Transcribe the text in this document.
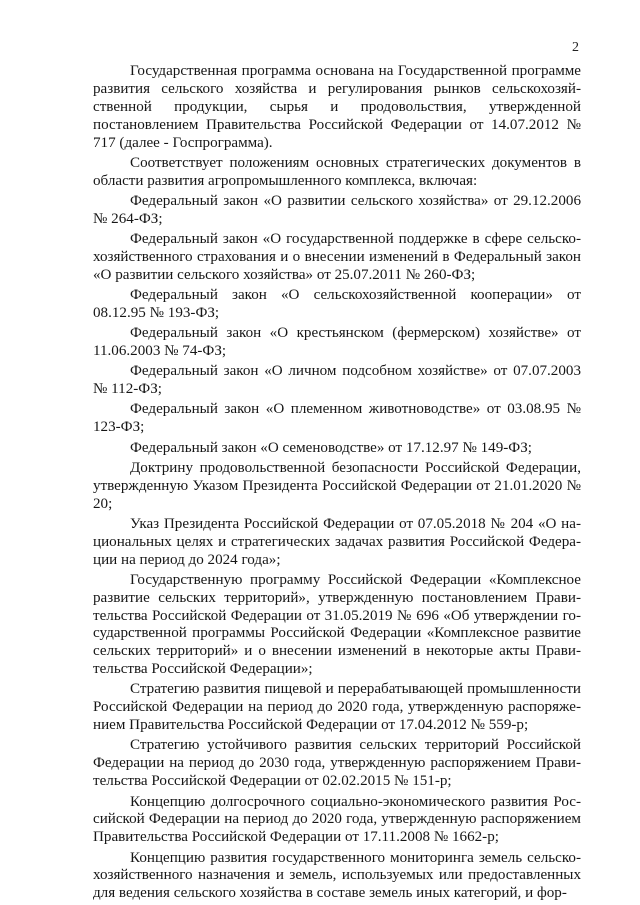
2

Государственная программа основана на Государственной программе развития сельского хозяйства и регулирования рынков сельскохозяйственной продукции, сырья и продовольствия, утвержденной постановлением Правительства Российской Федерации от 14.07.2012 № 717 (далее - Госпрограмма).

Соответствует положениям основных стратегических документов в области развития агропромышленного комплекса, включая:

Федеральный закон «О развитии сельского хозяйства» от 29.12.2006 № 264-ФЗ;

Федеральный закон «О государственной поддержке в сфере сельскохозяйственного страхования и о внесении изменений в Федеральный закон «О развитии сельского хозяйства» от 25.07.2011 № 260-ФЗ;

Федеральный закон «О сельскохозяйственной кооперации» от 08.12.95 № 193-ФЗ;

Федеральный закон «О крестьянском (фермерском) хозяйстве» от 11.06.2003 № 74-ФЗ;

Федеральный закон «О личном подсобном хозяйстве» от 07.07.2003 № 112-ФЗ;

Федеральный закон «О племенном животноводстве» от 03.08.95 № 123-ФЗ;

Федеральный закон «О семеноводстве» от 17.12.97 № 149-ФЗ;

Доктрину продовольственной безопасности Российской Федерации, утвержденную Указом Президента Российской Федерации от 21.01.2020 № 20;

Указ Президента Российской Федерации от 07.05.2018 № 204 «О национальных целях и стратегических задачах развития Российской Федерации на период до 2024 года»;

Государственную программу Российской Федерации «Комплексное развитие сельских территорий», утвержденную постановлением Правительства Российской Федерации от 31.05.2019 № 696 «Об утверждении государственной программы Российской Федерации «Комплексное развитие сельских территорий» и о внесении изменений в некоторые акты Правительства Российской Федерации»;

Стратегию развития пищевой и перерабатывающей промышленности Российской Федерации на период до 2020 года, утвержденную распоряжением Правительства Российской Федерации от 17.04.2012 № 559-р;

Стратегию устойчивого развития сельских территорий Российской Федерации на период до 2030 года, утвержденную распоряжением Правительства Российской Федерации от 02.02.2015 № 151-р;

Концепцию долгосрочного социально-экономического развития Российской Федерации на период до 2020 года, утвержденную распоряжением Правительства Российской Федерации от 17.11.2008 № 1662-р;

Концепцию развития государственного мониторинга земель сельскохозяйственного назначения и земель, используемых или предоставленных для ведения сельского хозяйства в составе земель иных категорий, и фор-
